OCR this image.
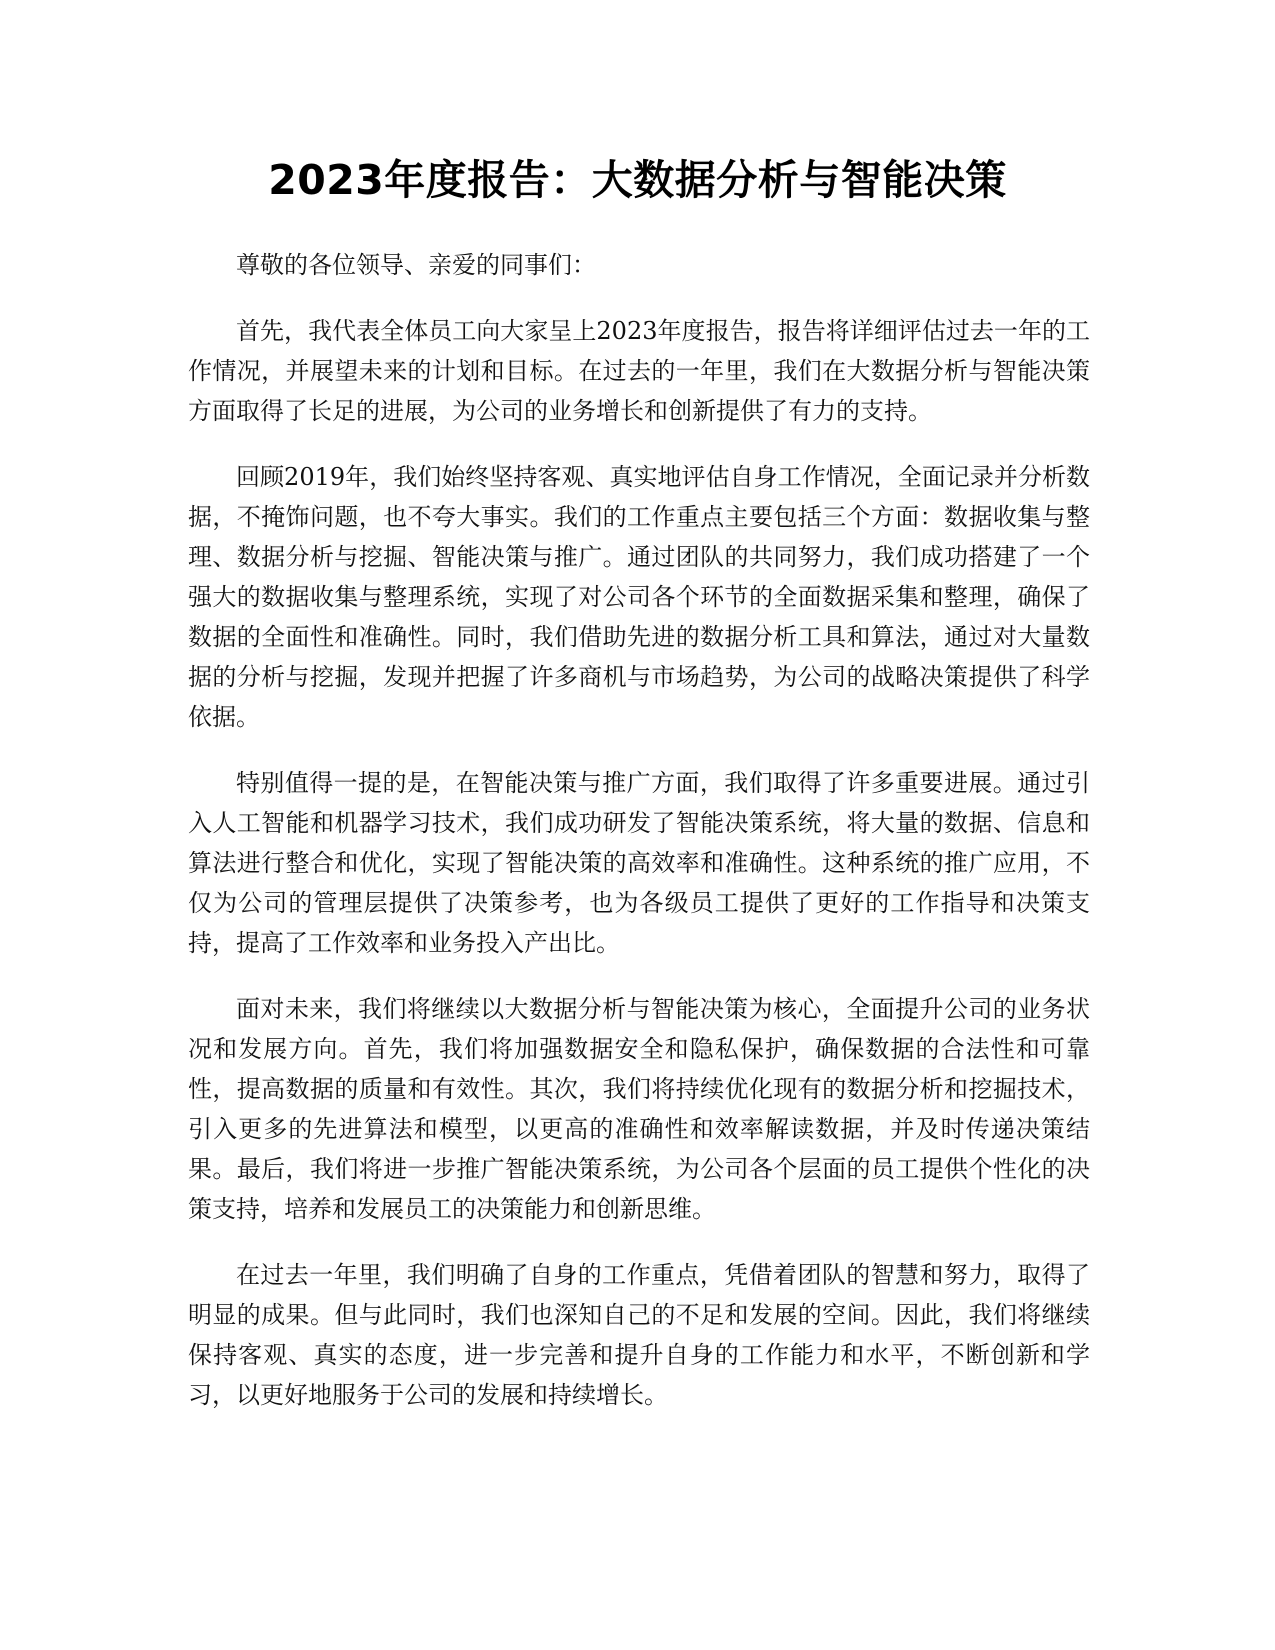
2023年度报告：大数据分析与智能决策

尊敬的各位领导、亲爱的同事们：

首先，我代表全体员工向大家呈上2023年度报告，报告将详细评估过去一年的工作情况，并展望未来的计划和目标。在过去的一年里，我们在大数据分析与智能决策方面取得了长足的进展，为公司的业务增长和创新提供了有力的支持。

回顾2019年，我们始终坚持客观、真实地评估自身工作情况，全面记录并分析数据，不掩饰问题，也不夸大事实。我们的工作重点主要包括三个方面：数据收集与整理、数据分析与挖掘、智能决策与推广。通过团队的共同努力，我们成功搭建了一个强大的数据收集与整理系统，实现了对公司各个环节的全面数据采集和整理，确保了数据的全面性和准确性。同时，我们借助先进的数据分析工具和算法，通过对大量数据的分析与挖掘，发现并把握了许多商机与市场趋势，为公司的战略决策提供了科学依据。

特别值得一提的是，在智能决策与推广方面，我们取得了许多重要进展。通过引入人工智能和机器学习技术，我们成功研发了智能决策系统，将大量的数据、信息和算法进行整合和优化，实现了智能决策的高效率和准确性。这种系统的推广应用，不仅为公司的管理层提供了决策参考，也为各级员工提供了更好的工作指导和决策支持，提高了工作效率和业务投入产出比。

面对未来，我们将继续以大数据分析与智能决策为核心，全面提升公司的业务状况和发展方向。首先，我们将加强数据安全和隐私保护，确保数据的合法性和可靠性，提高数据的质量和有效性。其次，我们将持续优化现有的数据分析和挖掘技术，引入更多的先进算法和模型，以更高的准确性和效率解读数据，并及时传递决策结果。最后，我们将进一步推广智能决策系统，为公司各个层面的员工提供个性化的决策支持，培养和发展员工的决策能力和创新思维。

在过去一年里，我们明确了自身的工作重点，凭借着团队的智慧和努力，取得了明显的成果。但与此同时，我们也深知自己的不足和发展的空间。因此，我们将继续保持客观、真实的态度，进一步完善和提升自身的工作能力和水平，不断创新和学习，以更好地服务于公司的发展和持续增长。
